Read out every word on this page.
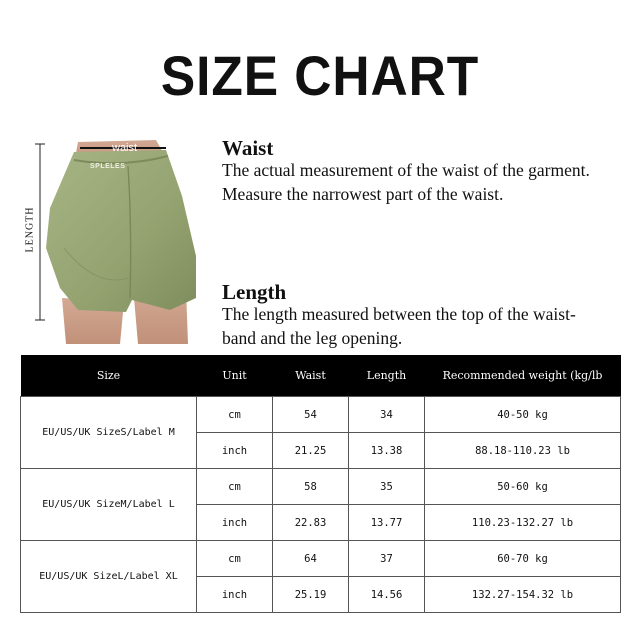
SIZE CHART
waist
SPLELES
LENGTH
Waist
The actual measurement of the waist of the garment.
Measure the narrowest part of the waist.
Length
The length measured between the top of the waist-
band and the leg opening.
Size	Unit	Waist	Length	Recommended weight (kg/lb
EU/US/UK SizeS/Label M	cm	54	34	40-50 kg
	inch	21.25	13.38	88.18-110.23 lb
EU/US/UK SizeM/Label L	cm	58	35	50-60 kg
	inch	22.83	13.77	110.23-132.27 lb
EU/US/UK SizeL/Label XL	cm	64	37	60-70 kg
	inch	25.19	14.56	132.27-154.32 lb
